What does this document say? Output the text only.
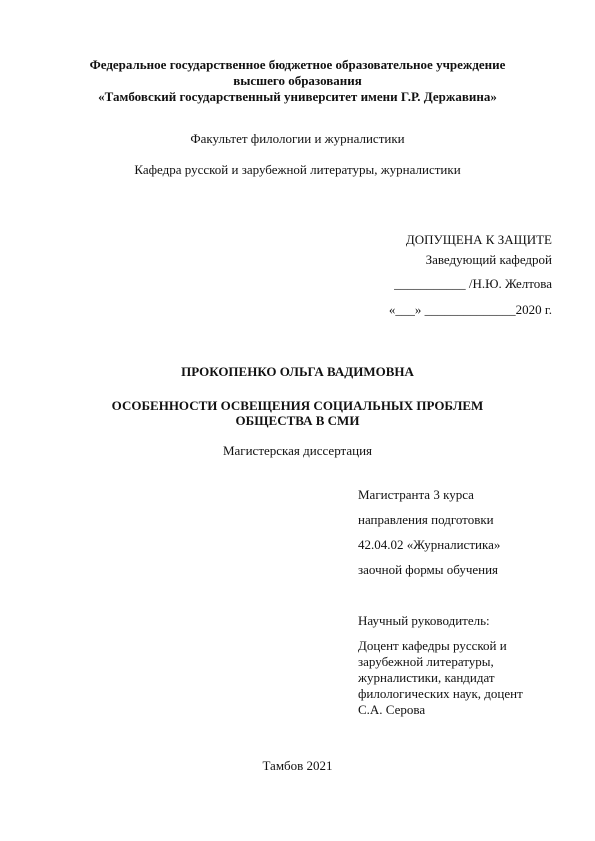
Федеральное государственное бюджетное образовательное учреждение
высшего образования
«Тамбовский государственный университет имени Г.Р. Державина»
Факультет филологии и журналистики
Кафедра русской и зарубежной литературы, журналистики
ДОПУЩЕНА К ЗАЩИТЕ
Заведующий кафедрой
___________ /Н.Ю. Желтова
«___» ______________2020 г.
ПРОКОПЕНКО ОЛЬГА ВАДИМОВНА
ОСОБЕННОСТИ ОСВЕЩЕНИЯ СОЦИАЛЬНЫХ ПРОБЛЕМ
ОБЩЕСТВА В СМИ
Магистерская диссертация
Магистранта 3 курса
направления подготовки
42.04.02 «Журналистика»
заочной формы обучения
Научный руководитель:
Доцент кафедры русской и
зарубежной литературы,
журналистики, кандидат
филологических наук, доцент
С.А. Серова
Тамбов 2021
